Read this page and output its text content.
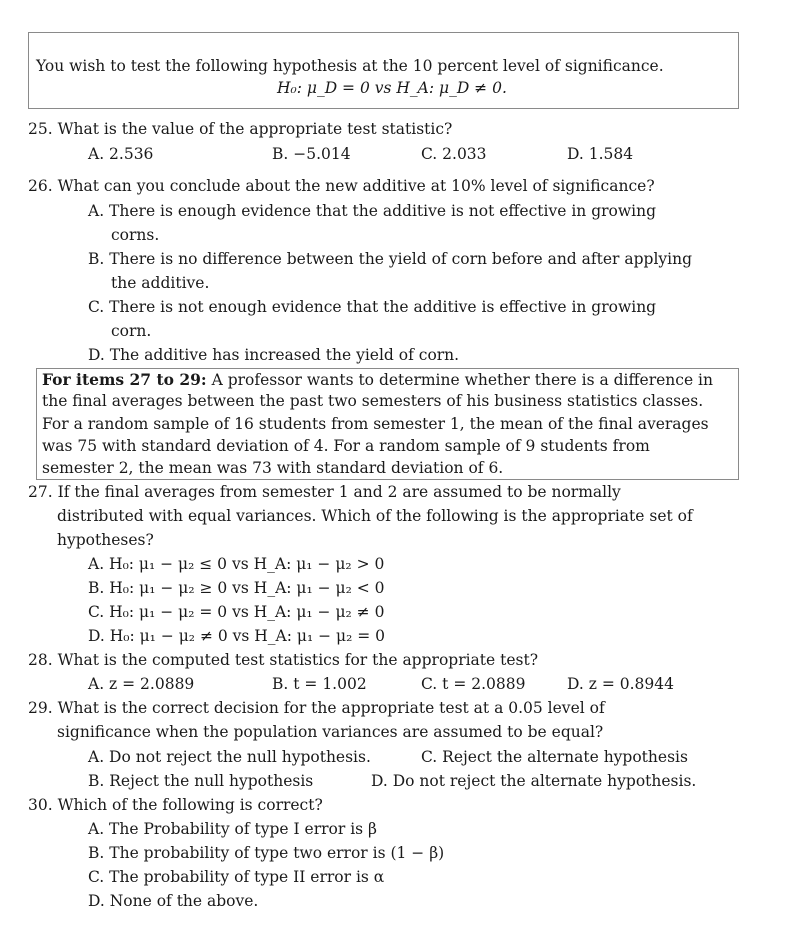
You wish to test the following hypothesis at the 10 percent level of significance.
H₀: μ_D = 0 vs H_A: μ_D ≠ 0.
25. What is the value of the appropriate test statistic?
A. 2.536	B. −5.014	C. 2.033	D. 1.584
26. What can you conclude about the new additive at 10% level of significance?
A. There is enough evidence that the additive is not effective in growing
corns.
B. There is no difference between the yield of corn before and after applying
the additive.
C. There is not enough evidence that the additive is effective in growing
corn.
D. The additive has increased the yield of corn.
For items 27 to 29: A professor wants to determine whether there is a difference in
the final averages between the past two semesters of his business statistics classes.
For a random sample of 16 students from semester 1, the mean of the final averages
was 75 with standard deviation of 4. For a random sample of 9 students from
semester 2, the mean was 73 with standard deviation of 6.
27. If the final averages from semester 1 and 2 are assumed to be normally
distributed with equal variances. Which of the following is the appropriate set of
hypotheses?
A. H₀: μ₁ − μ₂ ≤ 0 vs H_A: μ₁ − μ₂ > 0
B. H₀: μ₁ − μ₂ ≥ 0 vs H_A: μ₁ − μ₂ < 0
C. H₀: μ₁ − μ₂ = 0 vs H_A: μ₁ − μ₂ ≠ 0
D. H₀: μ₁ − μ₂ ≠ 0 vs H_A: μ₁ − μ₂ = 0
28. What is the computed test statistics for the appropriate test?
A. z = 2.0889	B. t = 1.002	C. t = 2.0889	D. z = 0.8944
29. What is the correct decision for the appropriate test at a 0.05 level of
significance when the population variances are assumed to be equal?
A. Do not reject the null hypothesis.	C. Reject the alternate hypothesis
B. Reject the null hypothesis	D. Do not reject the alternate hypothesis.
30. Which of the following is correct?
A. The Probability of type I error is β
B. The probability of type two error is (1 − β)
C. The probability of type II error is α
D. None of the above.
